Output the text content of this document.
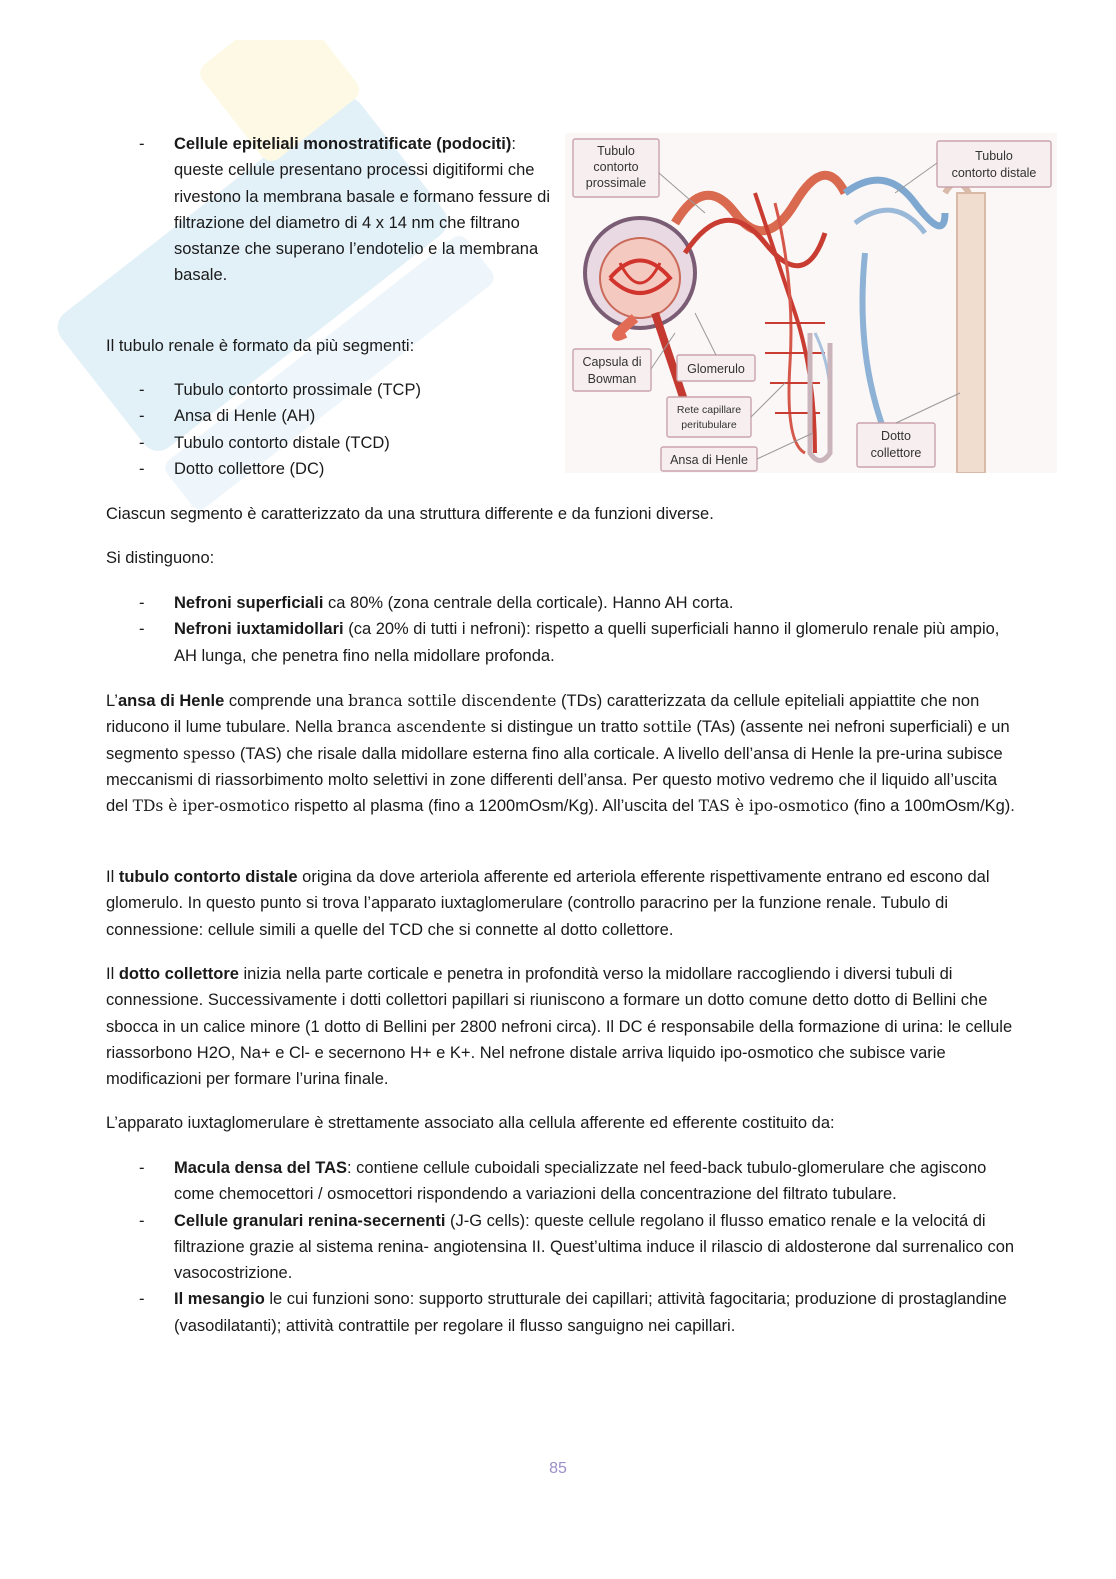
- Cellule epiteliali monostratificate (podociti): queste cellule presentano processi digitiformi che rivestono la membrana basale e formano fessure di filtrazione del diametro di 4 x 14 nm che filtrano sostanze che superano l’endotelio e la membrana basale.

Il tubulo renale è formato da più segmenti:

- Tubulo contorto prossimale (TCP)
- Ansa di Henle (AH)
- Tubulo contorto distale (TCD)
- Dotto collettore (DC)
Tubulo
contorto
prossimale
Tubulo
contorto distale
Capsula di
Bowman
Glomerulo
Rete capillare
peritubulare
Ansa di Henle
Dotto
collettore

Ciascun segmento è caratterizzato da una struttura differente e da funzioni diverse.

Si distinguono:

- Nefroni superficiali ca 80% (zona centrale della corticale). Hanno AH corta.
- Nefroni iuxtamidollari (ca 20% di tutti i nefroni): rispetto a quelli superficiali hanno il glomerulo renale più ampio, AH lunga, che penetra fino nella midollare profonda.

L’ansa di Henle comprende una branca sottile discendente (TDs) caratterizzata da cellule epiteliali appiattite che non riducono il lume tubulare. Nella branca ascendente si distingue un tratto sottile (TAs) (assente nei nefroni superficiali) e un segmento spesso (TAS) che risale dalla midollare esterna fino alla corticale. A livello dell’ansa di Henle la pre-urina subisce meccanismi di riassorbimento molto selettivi in zone differenti dell’ansa. Per questo motivo vedremo che il liquido all’uscita del TDs è iper-osmotico rispetto al plasma (fino a 1200mOsm/Kg). All’uscita del TAS è ipo-osmotico (fino a 100mOsm/Kg).

Il tubulo contorto distale origina da dove arteriola afferente ed arteriola efferente rispettivamente entrano ed escono dal glomerulo. In questo punto si trova l’apparato iuxtaglomerulare (controllo paracrino per la funzione renale. Tubulo di connessione: cellule simili a quelle del TCD che si connette al dotto collettore.

Il dotto collettore inizia nella parte corticale e penetra in profondità verso la midollare raccogliendo i diversi tubuli di connessione. Successivamente i dotti collettori papillari si riuniscono a formare un dotto comune detto dotto di Bellini che sbocca in un calice minore (1 dotto di Bellini per 2800 nefroni circa). Il DC é responsabile della formazione di urina: le cellule riassorbono H2O, Na+ e Cl- e secernono H+ e K+. Nel nefrone distale arriva liquido ipo-osmotico che subisce varie modificazioni per formare l’urina finale.

L’apparato iuxtaglomerulare è strettamente associato alla cellula afferente ed efferente costituito da:

- Macula densa del TAS: contiene cellule cuboidali specializzate nel feed-back tubulo-glomerulare che agiscono come chemocettori / osmocettori rispondendo a variazioni della concentrazione del filtrato tubulare.
- Cellule granulari renina-secernenti (J-G cells): queste cellule regolano il flusso ematico renale e la velocitá di filtrazione grazie al sistema renina- angiotensina II. Quest’ultima induce il rilascio di aldosterone dal surrenalico con vasocostrizione.
- Il mesangio le cui funzioni sono: supporto strutturale dei capillari; attività fagocitaria; produzione di prostaglandine (vasodilatanti); attività contrattile per regolare il flusso sanguigno nei capillari.
85
